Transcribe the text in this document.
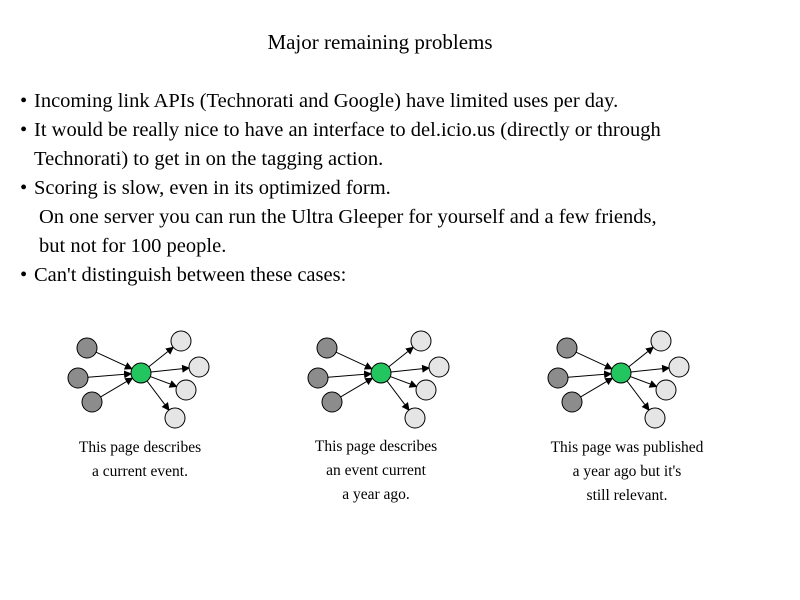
Major remaining problems
• Incoming link APIs (Technorati and Google) have limited uses per day.
• It would be really nice to have an interface to del.icio.us (directly or through
Technorati) to get in on the tagging action.
• Scoring is slow, even in its optimized form.
On one server you can run the Ultra Gleeper for yourself and a few friends,
but not for 100 people.
• Can't distinguish between these cases:
This page describes
a current event.
This page describes
an event current
a year ago.
This page was published
a year ago but it's
still relevant.
